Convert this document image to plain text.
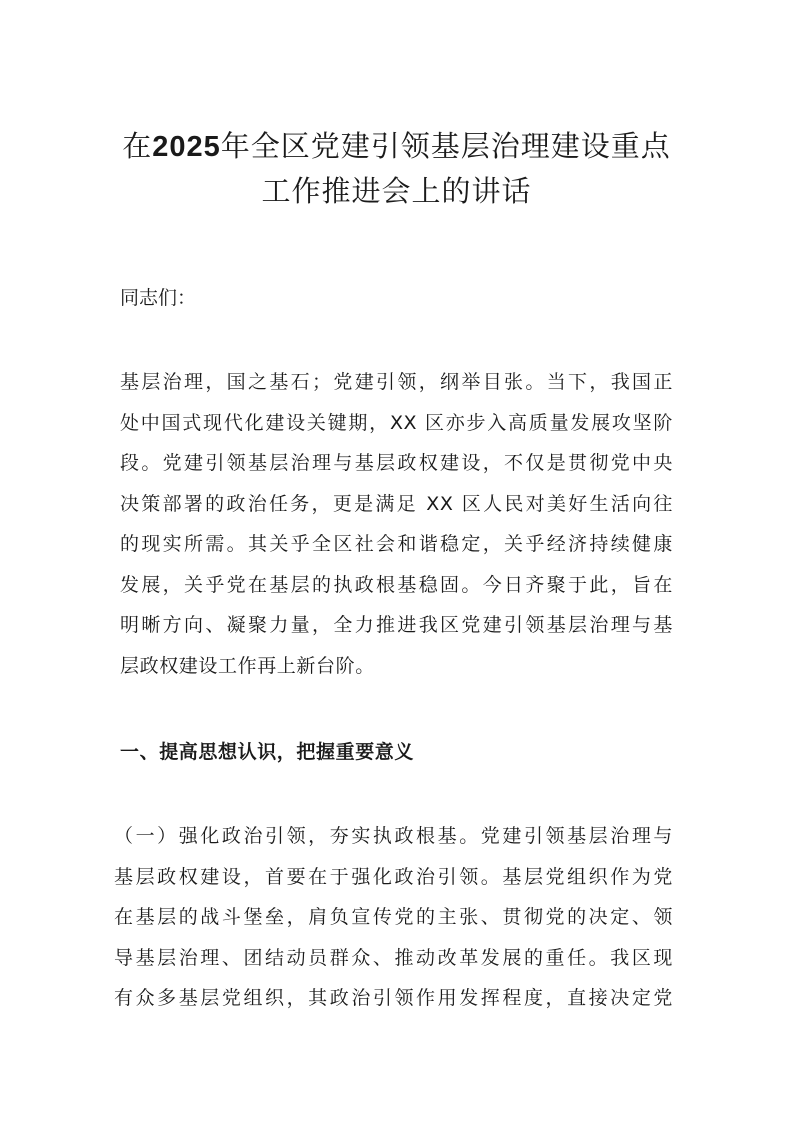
在2025年全区党建引领基层治理建设重点
工作推进会上的讲话

同志们：

基层治理，国之基石；党建引领，纲举目张。当下，我国正
处中国式现代化建设关键期，XX 区亦步入高质量发展攻坚阶
段。党建引领基层治理与基层政权建设，不仅是贯彻党中央
决策部署的政治任务，更是满足 XX 区人民对美好生活向往
的现实所需。其关乎全区社会和谐稳定，关乎经济持续健康
发展，关乎党在基层的执政根基稳固。今日齐聚于此，旨在
明晰方向、凝聚力量，全力推进我区党建引领基层治理与基
层政权建设工作再上新台阶。
一、提高思想认识，把握重要意义
（一）强化政治引领，夯实执政根基。党建引领基层治理与
基层政权建设，首要在于强化政治引领。基层党组织作为党
在基层的战斗堡垒，肩负宣传党的主张、贯彻党的决定、领
导基层治理、团结动员群众、推动改革发展的重任。我区现
有众多基层党组织，其政治引领作用发挥程度，直接决定党
